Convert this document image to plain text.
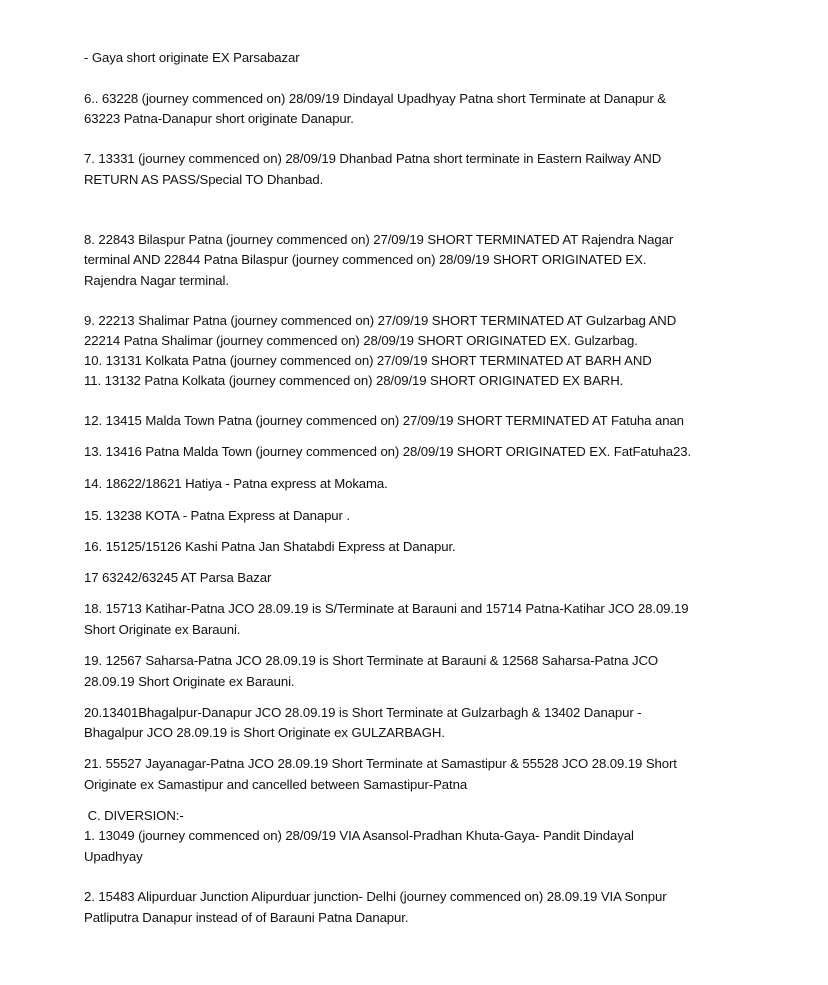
- Gaya short originate EX Parsabazar
6.. 63228 (journey commenced on) 28/09/19 Dindayal Upadhyay Patna short Terminate at Danapur &
63223 Patna-Danapur short originate Danapur.
7. 13331 (journey commenced on) 28/09/19 Dhanbad Patna short terminate in Eastern Railway AND
RETURN AS PASS/Special TO Dhanbad.
8. 22843 Bilaspur Patna (journey commenced on) 27/09/19 SHORT TERMINATED AT Rajendra Nagar
terminal AND 22844 Patna Bilaspur (journey commenced on) 28/09/19 SHORT ORIGINATED EX.
Rajendra Nagar terminal.
9. 22213 Shalimar Patna (journey commenced on) 27/09/19 SHORT TERMINATED AT Gulzarbag AND
22214 Patna Shalimar (journey commenced on) 28/09/19 SHORT ORIGINATED EX. Gulzarbag.
10. 13131 Kolkata Patna (journey commenced on) 27/09/19 SHORT TERMINATED AT BARH AND
11. 13132 Patna Kolkata (journey commenced on) 28/09/19 SHORT ORIGINATED EX BARH.
12. 13415 Malda Town Patna (journey commenced on) 27/09/19 SHORT TERMINATED AT Fatuha anan
13. 13416 Patna Malda Town (journey commenced on) 28/09/19 SHORT ORIGINATED EX. FatFatuha23.
14. 18622/18621 Hatiya - Patna express at Mokama.
15. 13238 KOTA - Patna Express at Danapur .
16. 15125/15126 Kashi Patna Jan Shatabdi Express at Danapur.
17 63242/63245 AT Parsa Bazar
18. 15713 Katihar-Patna JCO 28.09.19 is S/Terminate at Barauni and 15714 Patna-Katihar JCO 28.09.19
Short Originate ex Barauni.
19. 12567 Saharsa-Patna JCO 28.09.19 is Short Terminate at Barauni & 12568 Saharsa-Patna JCO
28.09.19 Short Originate ex Barauni.
20.13401Bhagalpur-Danapur JCO 28.09.19 is Short Terminate at Gulzarbagh & 13402 Danapur -
Bhagalpur JCO 28.09.19 is Short Originate ex GULZARBAGH.
21. 55527 Jayanagar-Patna JCO 28.09.19 Short Terminate at Samastipur & 55528 JCO 28.09.19 Short
Originate ex Samastipur and cancelled between Samastipur-Patna
C. DIVERSION:-
1. 13049 (journey commenced on) 28/09/19 VIA Asansol-Pradhan Khuta-Gaya- Pandit Dindayal
Upadhyay
2. 15483 Alipurduar Junction Alipurduar junction- Delhi (journey commenced on) 28.09.19 VIA Sonpur
Patliputra Danapur instead of of Barauni Patna Danapur.
